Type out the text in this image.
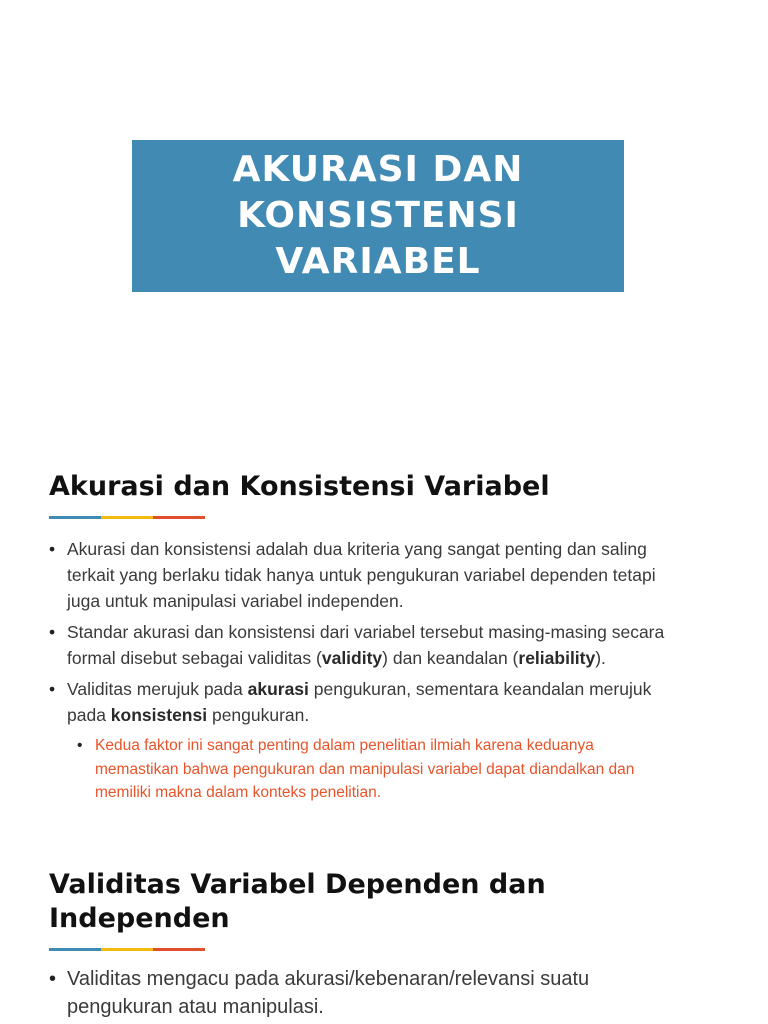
AKURASI DAN
KONSISTENSI
VARIABEL
Akurasi dan Konsistensi Variabel
• Akurasi dan konsistensi adalah dua kriteria yang sangat penting dan saling terkait yang berlaku tidak hanya untuk pengukuran variabel dependen tetapi juga untuk manipulasi variabel independen.
• Standar akurasi dan konsistensi dari variabel tersebut masing-masing secara formal disebut sebagai validitas (validity) dan keandalan (reliability).
• Validitas merujuk pada akurasi pengukuran, sementara keandalan merujuk pada konsistensi pengukuran.
• Kedua faktor ini sangat penting dalam penelitian ilmiah karena keduanya memastikan bahwa pengukuran dan manipulasi variabel dapat diandalkan dan memiliki makna dalam konteks penelitian.
Validitas Variabel Dependen dan
Independen
• Validitas mengacu pada akurasi/kebenaran/relevansi suatu pengukuran atau manipulasi.
